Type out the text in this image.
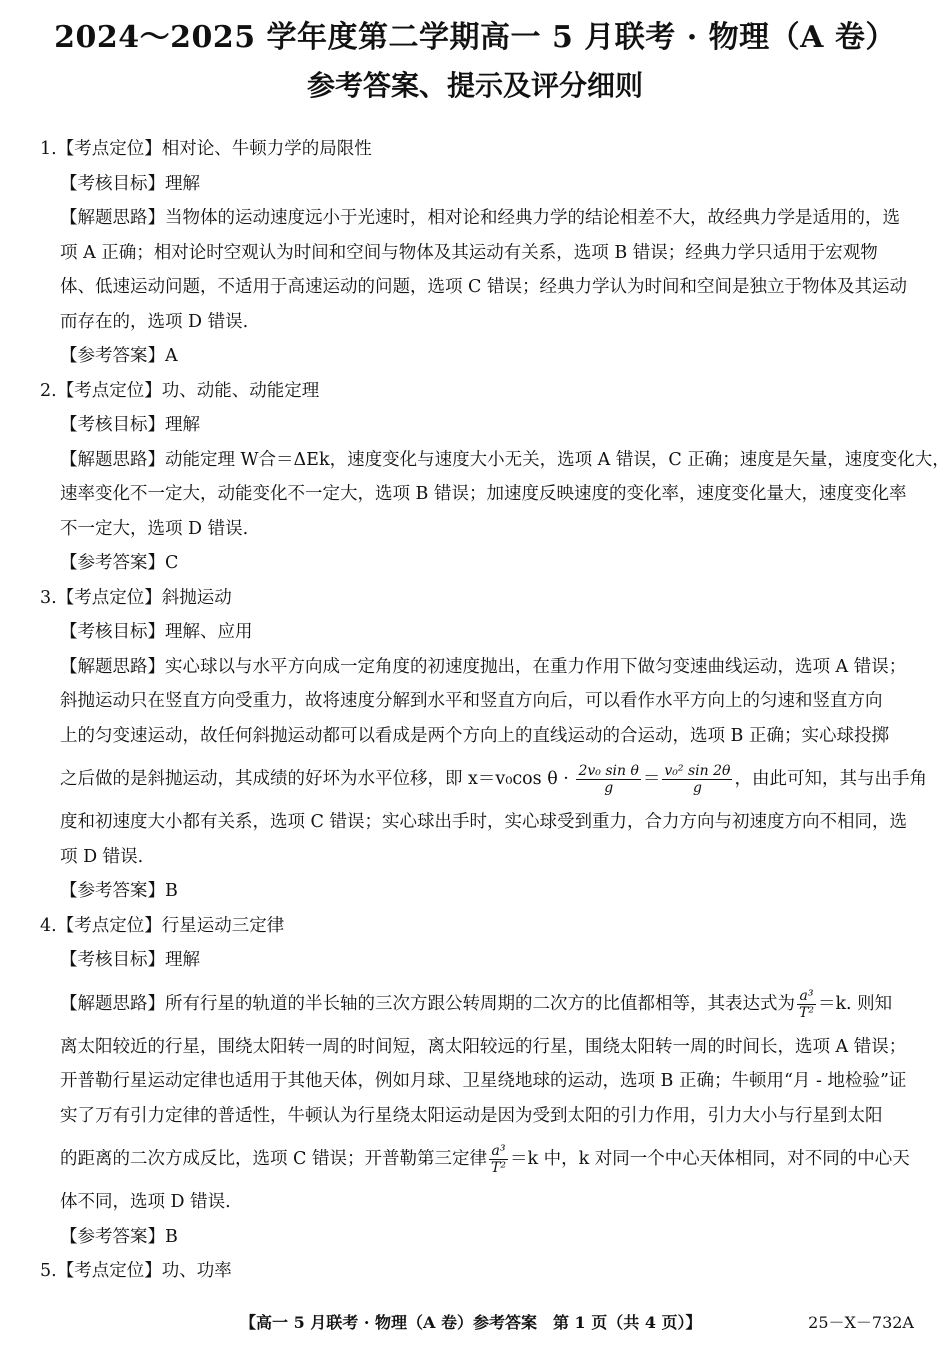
2024～2025 学年度第二学期高一 5 月联考 · 物理（A 卷）
参考答案、提示及评分细则
1.【考点定位】相对论、牛顿力学的局限性
【考核目标】理解
【解题思路】当物体的运动速度远小于光速时，相对论和经典力学的结论相差不大，故经典力学是适用的，选
项 A 正确；相对论时空观认为时间和空间与物体及其运动有关系，选项 B 错误；经典力学只适用于宏观物
体、低速运动问题，不适用于高速运动的问题，选项 C 错误；经典力学认为时间和空间是独立于物体及其运动
而存在的，选项 D 错误.
【参考答案】A
2.【考点定位】功、动能、动能定理
【考核目标】理解
【解题思路】动能定理 W合＝ΔEk，速度变化与速度大小无关，选项 A 错误，C 正确；速度是矢量，速度变化大，
速率变化不一定大，动能变化不一定大，选项 B 错误；加速度反映速度的变化率，速度变化量大，速度变化率
不一定大，选项 D 错误.
【参考答案】C
3.【考点定位】斜抛运动
【考核目标】理解、应用
【解题思路】实心球以与水平方向成一定角度的初速度抛出，在重力作用下做匀变速曲线运动，选项 A 错误；
斜抛运动只在竖直方向受重力，故将速度分解到水平和竖直方向后，可以看作水平方向上的匀速和竖直方向
上的匀变速运动，故任何斜抛运动都可以看成是两个方向上的直线运动的合运动，选项 B 正确；实心球投掷
之后做的是斜抛运动，其成绩的好坏为水平位移，即 x＝v₀cos $\theta \cdot \frac{\text{2v₀ sin θ}}{g} = \frac{\text{v₀² sin 2θ}}{g}$ ，由此可知，其与出手角
度和初速度大小都有关系，选项 C 错误；实心球出手时，实心球受到重力，合力方向与初速度方向不相同，选
项 D 错误.
【参考答案】B
4.【考点定位】行星运动三定律
【考核目标】理解
【解题思路】所有行星的轨道的半长轴的三次方跟公转周期的二次方的比值都相等，其表达式为 $\frac{\text{a³}}{\text{T²}} =k$. 则知
离太阳较近的行星，围绕太阳转一周的时间短，离太阳较远的行星，围绕太阳转一周的时间长，选项 A 错误；
开普勒行星运动定律也适用于其他天体，例如月球、卫星绕地球的运动，选项 B 正确；牛顿用“月 - 地检验”证
实了万有引力定律的普适性，牛顿认为行星绕太阳运动是因为受到太阳的引力作用，引力大小与行星到太阳
的距离的二次方成反比，选项 C 错误；开普勒第三定律 $\frac{\text{a³}}{\text{T²}} =k$ 中，k 对同一个中心天体相同，对不同的中心天
体不同，选项 D 错误.
【参考答案】B
5.【考点定位】功、功率
【高一 5 月联考 · 物理（A 卷）参考答案　第 1 页（共 4 页）】	25－X－732A
